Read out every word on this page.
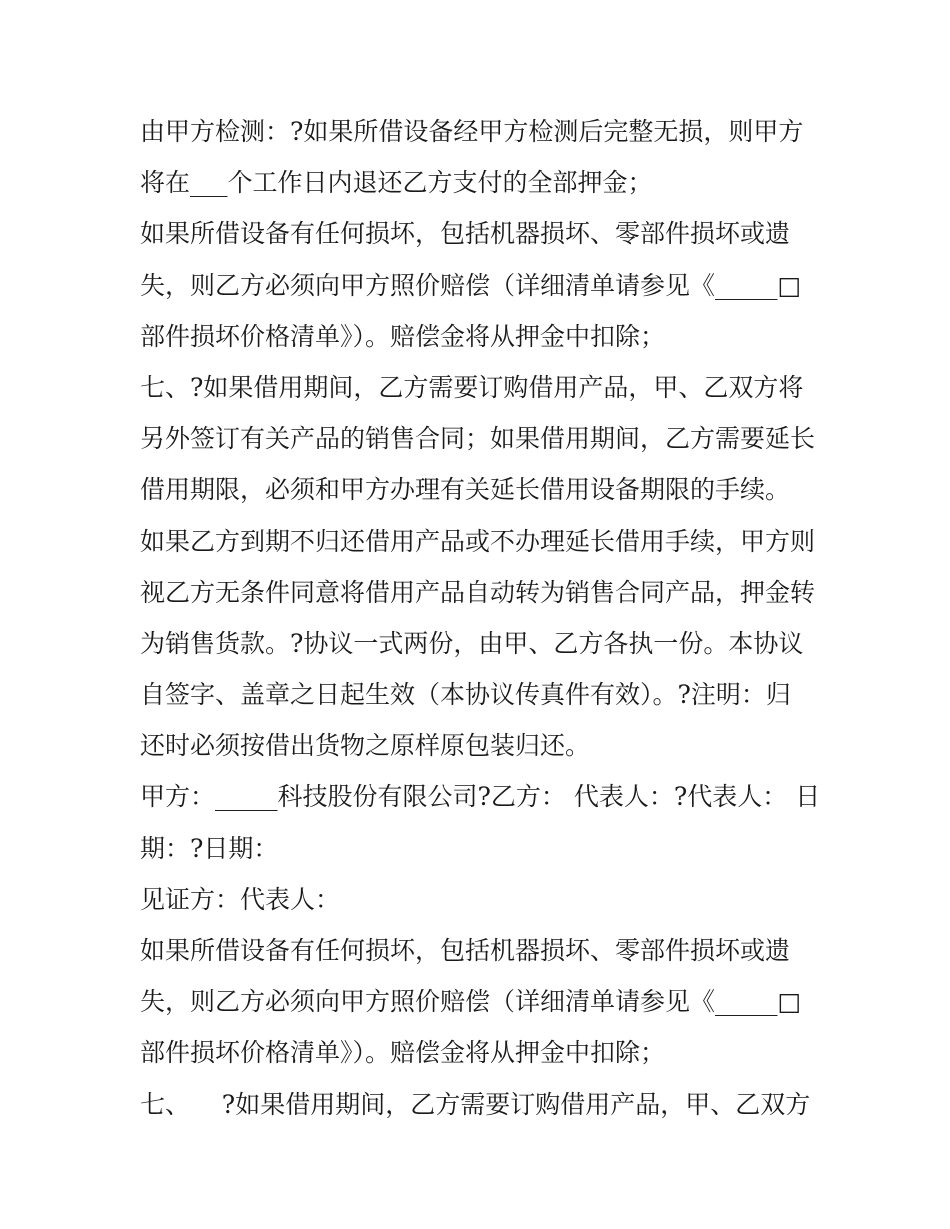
由甲方检测：?如果所借设备经甲方检测后完整无损，则甲方
将在___个工作日内退还乙方支付的全部押金；
如果所借设备有任何损坏，包括机器损坏、零部件损坏或遗
失，则乙方必须向甲方照价赔偿（详细清单请参见《_____□
部件损坏价格清单》）。赔偿金将从押金中扣除；
七、?如果借用期间，乙方需要订购借用产品，甲、乙双方将
另外签订有关产品的销售合同；如果借用期间，乙方需要延长
借用期限，必须和甲方办理有关延长借用设备期限的手续。
如果乙方到期不归还借用产品或不办理延长借用手续，甲方则
视乙方无条件同意将借用产品自动转为销售合同产品，押金转
为销售货款。?协议一式两份，由甲、乙方各执一份。本协议
自签字、盖章之日起生效（本协议传真件有效）。?注明：归
还时必须按借出货物之原样原包装归还。
甲方：_____科技股份有限公司?乙方： 代表人：?代表人： 日
期：?日期：
见证方：代表人：
如果所借设备有任何损坏，包括机器损坏、零部件损坏或遗
失，则乙方必须向甲方照价赔偿（详细清单请参见《_____□
部件损坏价格清单》）。赔偿金将从押金中扣除；
七、    ?如果借用期间，乙方需要订购借用产品，甲、乙双方
